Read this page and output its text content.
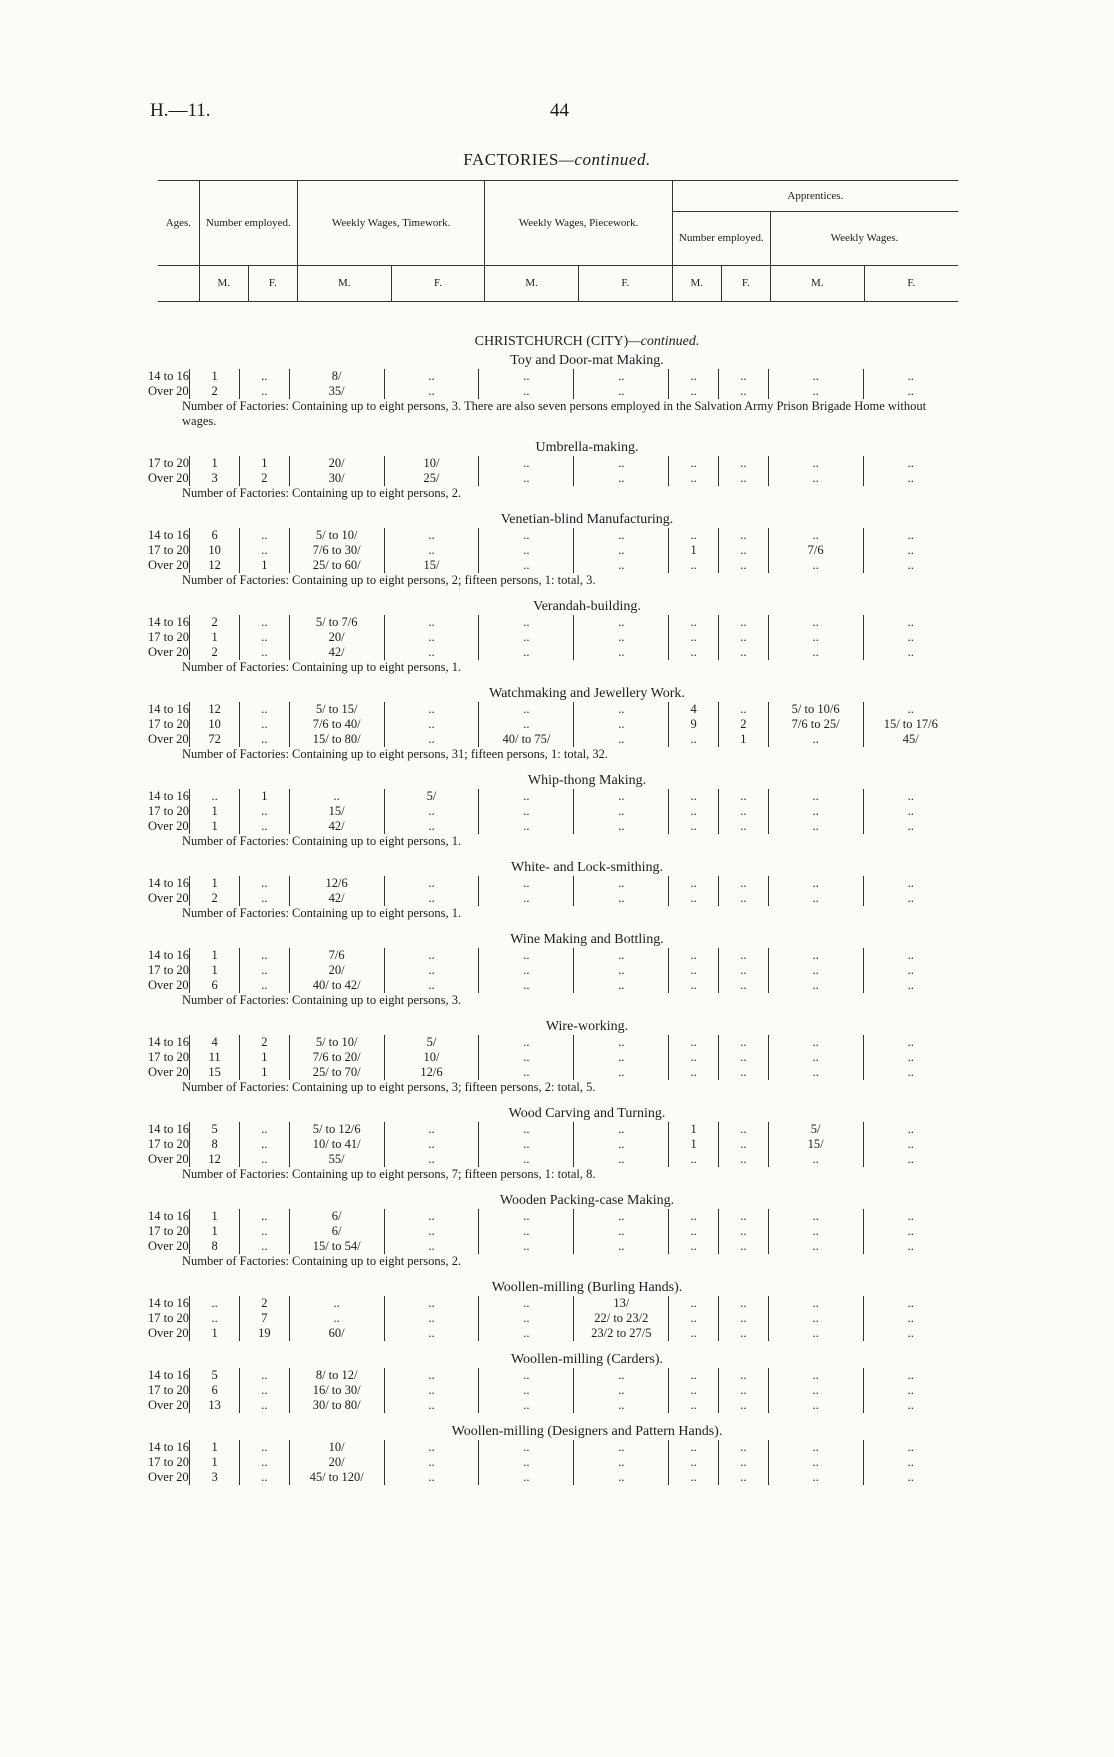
H.—11.	44
FACTORIES—continued.
Ages.	Number employed.		Weekly Wages, Timework.		Weekly Wages, Piecework.		Apprentices.			
							Number employed.		Weekly Wages.	
	M.	F.	M.	F.	M.	F.	M.	F.	M.	F.
CHRISTCHURCH (CITY)—continued.
Toy and Door-mat Making.
14 to 16	1	..	8/	..	..	..	..	..	..	..
Over 20	2	..	35/	..	..	..	..	..	..	..
Number of Factories: Containing up to eight persons, 3. There are also seven persons employed in the Salvation Army Prison Brigade Home without wages.
Umbrella-making.
17 to 20	1	1	20/	10/	..	..	..	..	..	..
Over 20	3	2	30/	25/	..	..	..	..	..	..
Number of Factories: Containing up to eight persons, 2.
Venetian-blind Manufacturing.
14 to 16	6	..	5/ to 10/	..	..	..	..	..	..	..
17 to 20	10	..	7/6 to 30/	..	..	..	1	..	7/6	..
Over 20	12	1	25/ to 60/	15/	..	..	..	..	..	..
Number of Factories: Containing up to eight persons, 2; fifteen persons, 1: total, 3.
Verandah-building.
14 to 16	2	..	5/ to 7/6	..	..	..	..	..	..	..
17 to 20	1	..	20/	..	..	..	..	..	..	..
Over 20	2	..	42/	..	..	..	..	..	..	..
Number of Factories: Containing up to eight persons, 1.
Watchmaking and Jewellery Work.
14 to 16	12	..	5/ to 15/	..	..	..	4	..	5/ to 10/6	..
17 to 20	10	..	7/6 to 40/	..	..	..	9	2	7/6 to 25/	15/ to 17/6
Over 20	72	..	15/ to 80/	..	40/ to 75/	..	..	1	..	45/
Number of Factories: Containing up to eight persons, 31; fifteen persons, 1: total, 32.
Whip-thong Making.
14 to 16	..	1	..	5/	..	..	..	..	..	..
17 to 20	1	..	15/	..	..	..	..	..	..	..
Over 20	1	..	42/	..	..	..	..	..	..	..
Number of Factories: Containing up to eight persons, 1.
White- and Lock-smithing.
14 to 16	1	..	12/6	..	..	..	..	..	..	..
Over 20	2	..	42/	..	..	..	..	..	..	..
Number of Factories: Containing up to eight persons, 1.
Wine Making and Bottling.
14 to 16	1	..	7/6	..	..	..	..	..	..	..
17 to 20	1	..	20/	..	..	..	..	..	..	..
Over 20	6	..	40/ to 42/	..	..	..	..	..	..	..
Number of Factories: Containing up to eight persons, 3.
Wire-working.
14 to 16	4	2	5/ to 10/	5/	..	..	..	..	..	..
17 to 20	11	1	7/6 to 20/	10/	..	..	..	..	..	..
Over 20	15	1	25/ to 70/	12/6	..	..	..	..	..	..
Number of Factories: Containing up to eight persons, 3; fifteen persons, 2: total, 5.
Wood Carving and Turning.
14 to 16	5	..	5/ to 12/6	..	..	..	1	..	5/	..
17 to 20	8	..	10/ to 41/	..	..	..	1	..	15/	..
Over 20	12	..	55/	..	..	..	..	..	..	..
Number of Factories: Containing up to eight persons, 7; fifteen persons, 1: total, 8.
Wooden Packing-case Making.
14 to 16	1	..	6/	..	..	..	..	..	..	..
17 to 20	1	..	6/	..	..	..	..	..	..	..
Over 20	8	..	15/ to 54/	..	..	..	..	..	..	..
Number of Factories: Containing up to eight persons, 2.
Woollen-milling (Burling Hands).
14 to 16	..	2	..	..	..	13/	..	..	..	..
17 to 20	..	7	..	..	..	22/ to 23/2	..	..	..	..
Over 20	1	19	60/	..	..	23/2 to 27/5	..	..	..	..
Woollen-milling (Carders).
14 to 16	5	..	8/ to 12/	..	..	..	..	..	..	..
17 to 20	6	..	16/ to 30/	..	..	..	..	..	..	..
Over 20	13	..	30/ to 80/	..	..	..	..	..	..	..
Woollen-milling (Designers and Pattern Hands).
14 to 16	1	..	10/	..	..	..	..	..	..	..
17 to 20	1	..	20/	..	..	..	..	..	..	..
Over 20	3	..	45/ to 120/	..	..	..	..	..	..	..
